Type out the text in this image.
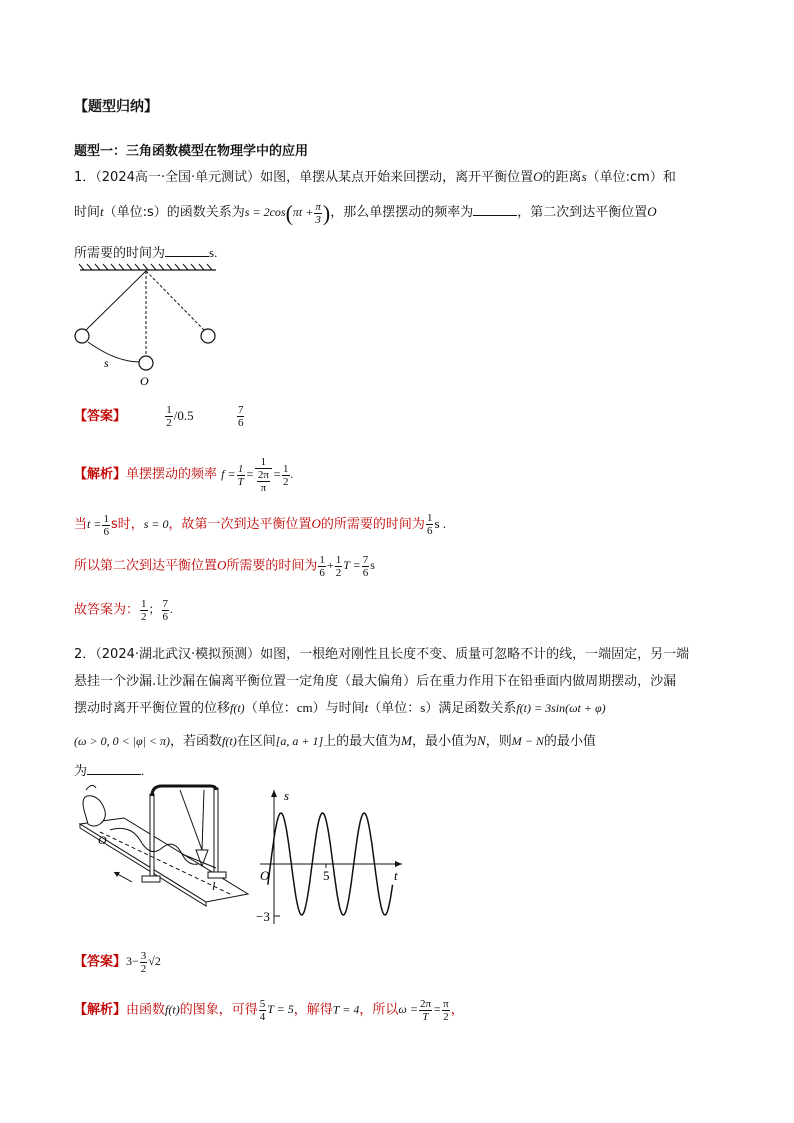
【题型归纳】
题型一：三角函数模型在物理学中的应用
1．（2024高一·全国·单元测试）如图，单摆从某点开始来回摆动，离开平衡位置O的距离s（单位:cm）和
时间t（单位:s）的函数关系为$s = 2\cos(\pi t + \frac{\pi}{3}$ )，那么单摆摆动的频率为	，第二次到达平衡位置O
所需要的时间为	s.
s
O
【答案】	$\frac{1}{2} /0.5$	$\frac{7}{6}$
【解析】单摆摆动的频率 $f = \frac{1}{T} = \frac{1}{\frac{2\pi}{\pi}} = \frac{1}{2}$ .
当$t = \frac{1}{6}$ s时，s = 0，故第一次到达平衡位置O的所需要的时间为 $\frac{1}{6}$ s .
所以第二次到达平衡位置O所需要的时间为 $\frac{1}{6} + \frac{1}{2}$ $T = \frac{7}{6}$ s
故答案为： $\frac{1}{2}$ ； $\frac{7}{6}$ .
2．（2024·湖北武汉·模拟预测）如图，一根绝对刚性且长度不变、质量可忽略不计的线，一端固定，另一端
悬挂一个沙漏.让沙漏在偏离平衡位置一定角度（最大偏角）后在重力作用下在铅垂面内做周期摆动，沙漏
摆动时离开平衡位置的位移f(t)（单位：cm）与时间t（单位：s）满足函数关系f(t) = 3sin(ωt + φ)
(ω > 0, 0 < |φ| < π)，若函数f(t)在区间[a, a + 1]上的最大值为M，最小值为N，则M − N的最小值
为	.
O
l
s
O	5	t
−3
【答案】$3- \frac{3}{2} √2$
【解析】由函数f(t)的图象，可得 $\frac{5}{4}$ T = 5，解得T = 4，所以$\omega = \frac{2\pi}{T} = \frac{\pi}{2}$ ，
